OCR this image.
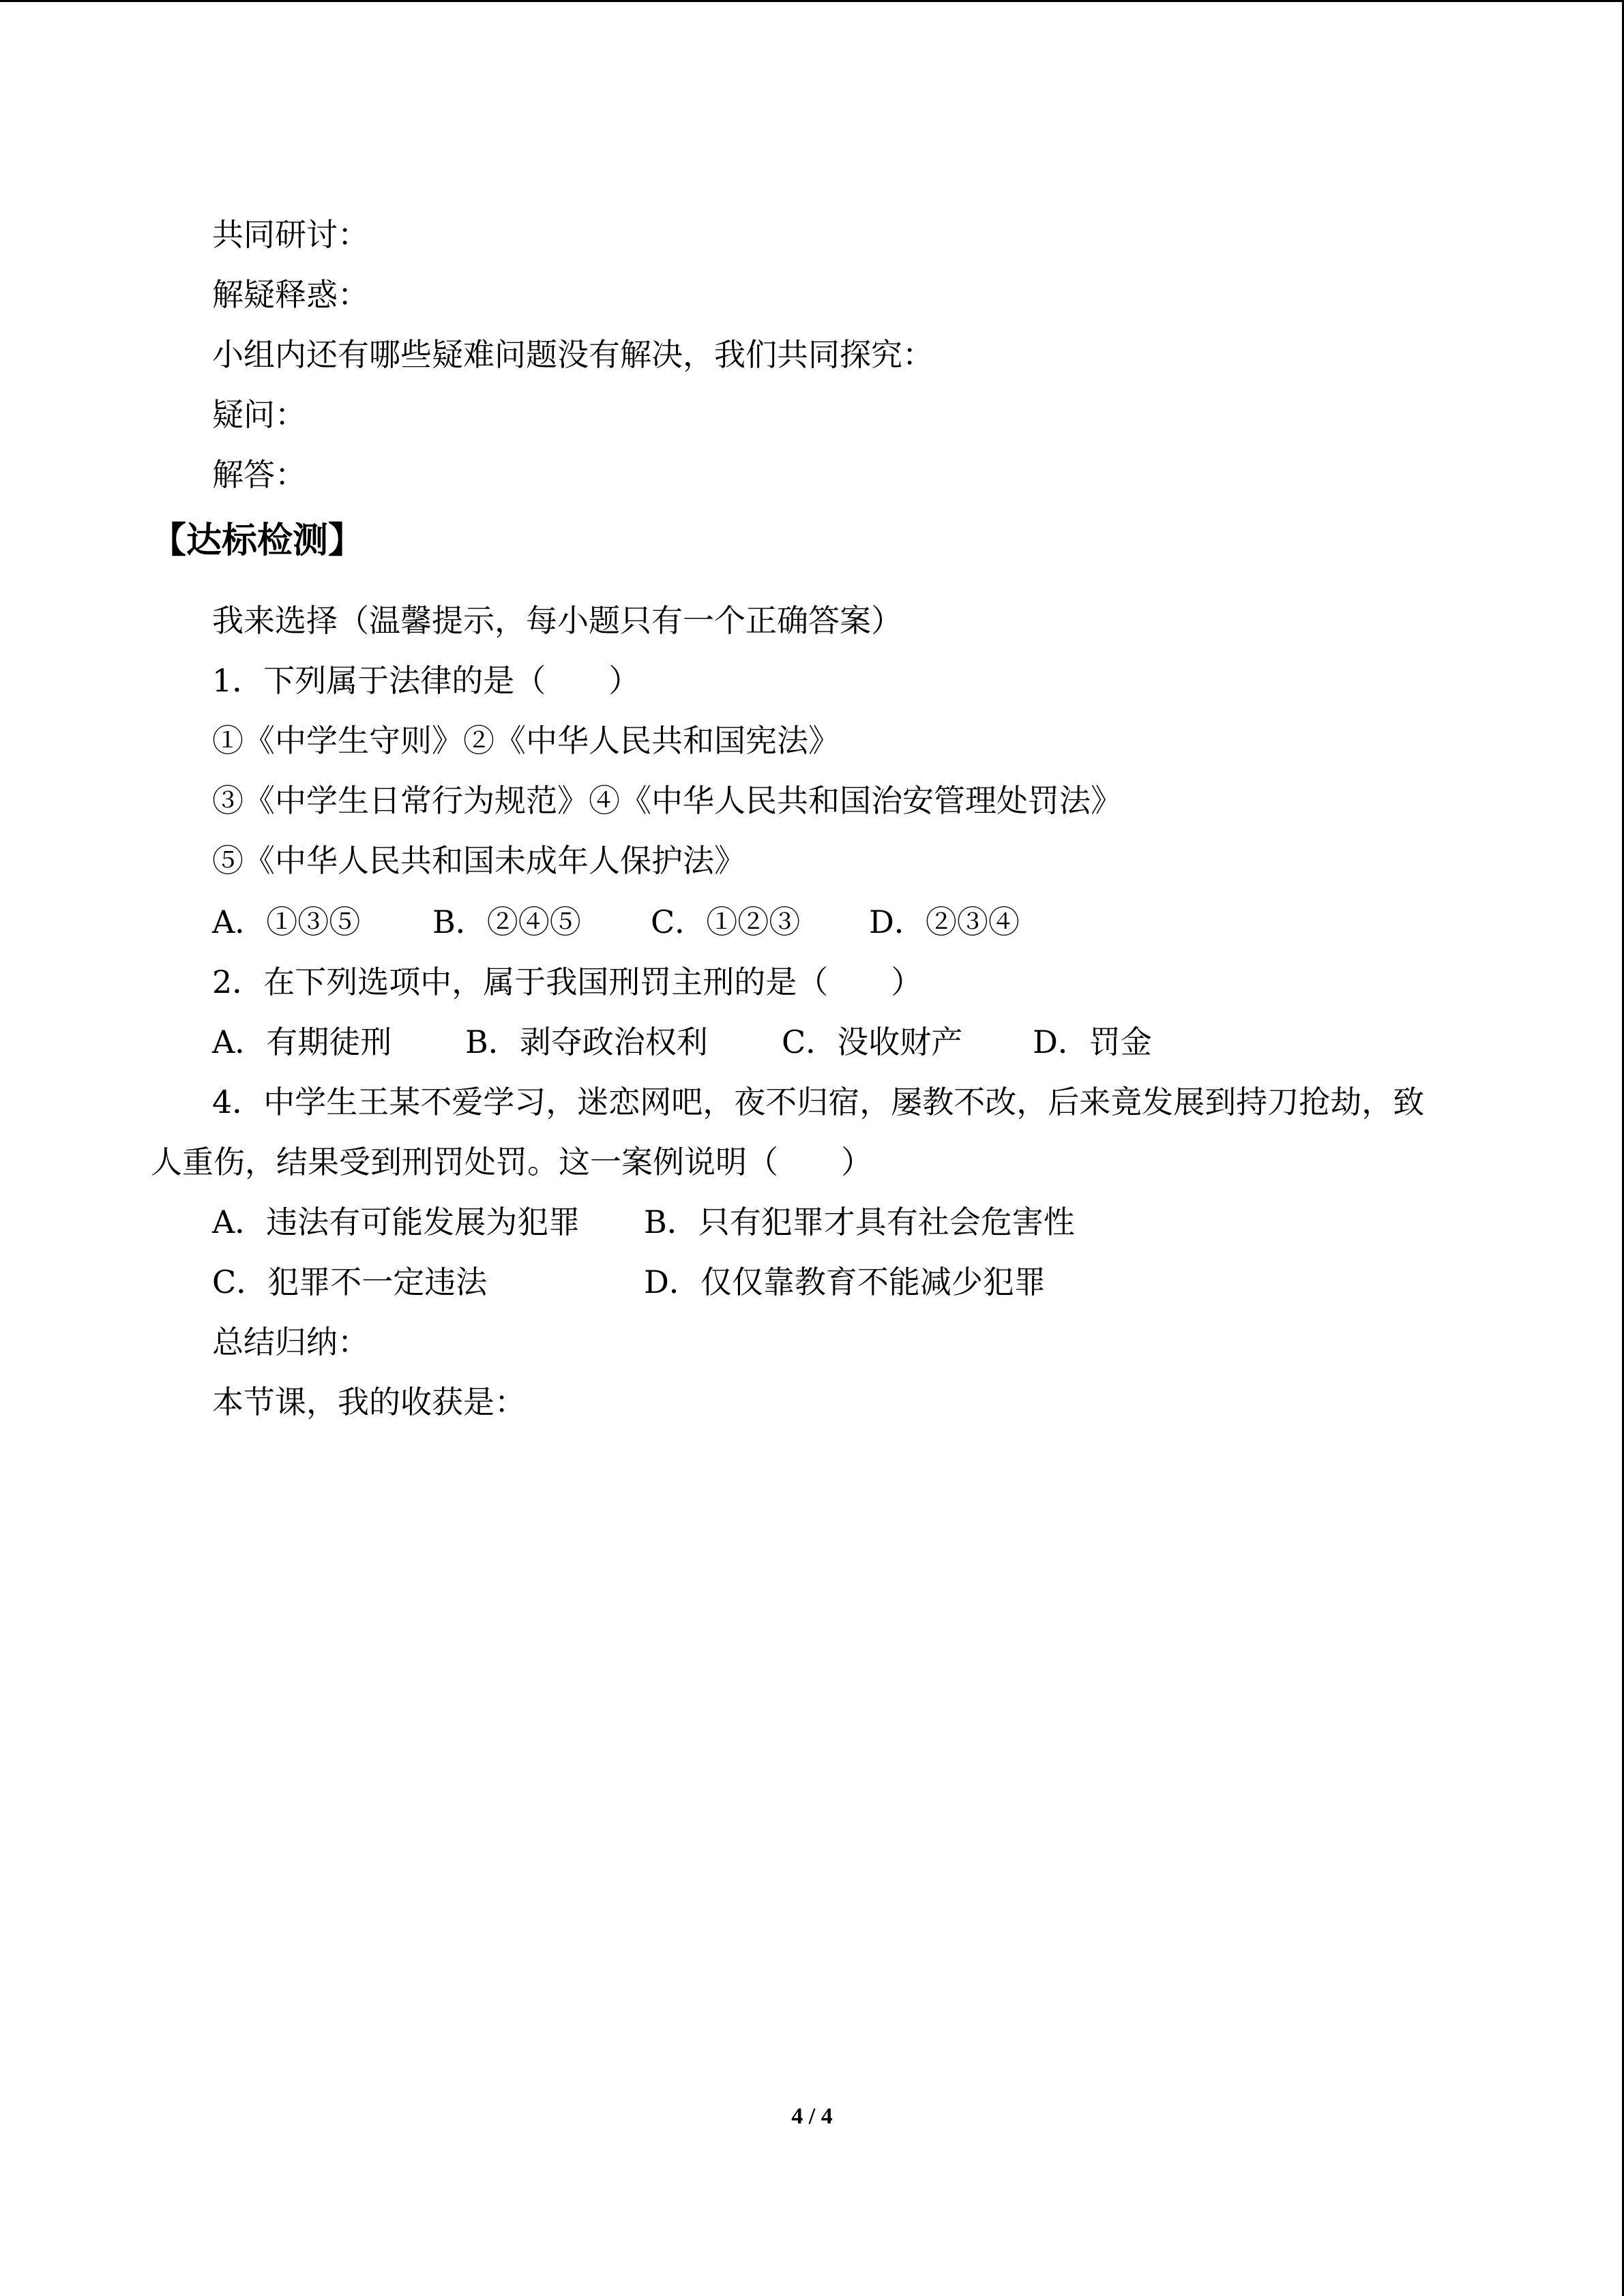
共同研讨：
解疑释惑：
小组内还有哪些疑难问题没有解决，我们共同探究：
疑问：
解答：
【达标检测】
我来选择（温馨提示，每小题只有一个正确答案）
1．下列属于法律的是（　　）
①《中学生守则》②《中华人民共和国宪法》
③《中学生日常行为规范》④《中华人民共和国治安管理处罚法》
⑤《中华人民共和国未成年人保护法》
A．①③⑤ B．②④⑤ C．①②③ D．②③④
2．在下列选项中，属于我国刑罚主刑的是（　　）
A．有期徒刑 B．剥夺政治权利 C．没收财产 D．罚金
4．中学生王某不爱学习，迷恋网吧，夜不归宿，屡教不改，后来竟发展到持刀抢劫，致
人重伤，结果受到刑罚处罚。这一案例说明（　　）
A．违法有可能发展为犯罪 B．只有犯罪才具有社会危害性
C．犯罪不一定违法	D．仅仅靠教育不能减少犯罪
总结归纳：
本节课，我的收获是：
4 / 4
